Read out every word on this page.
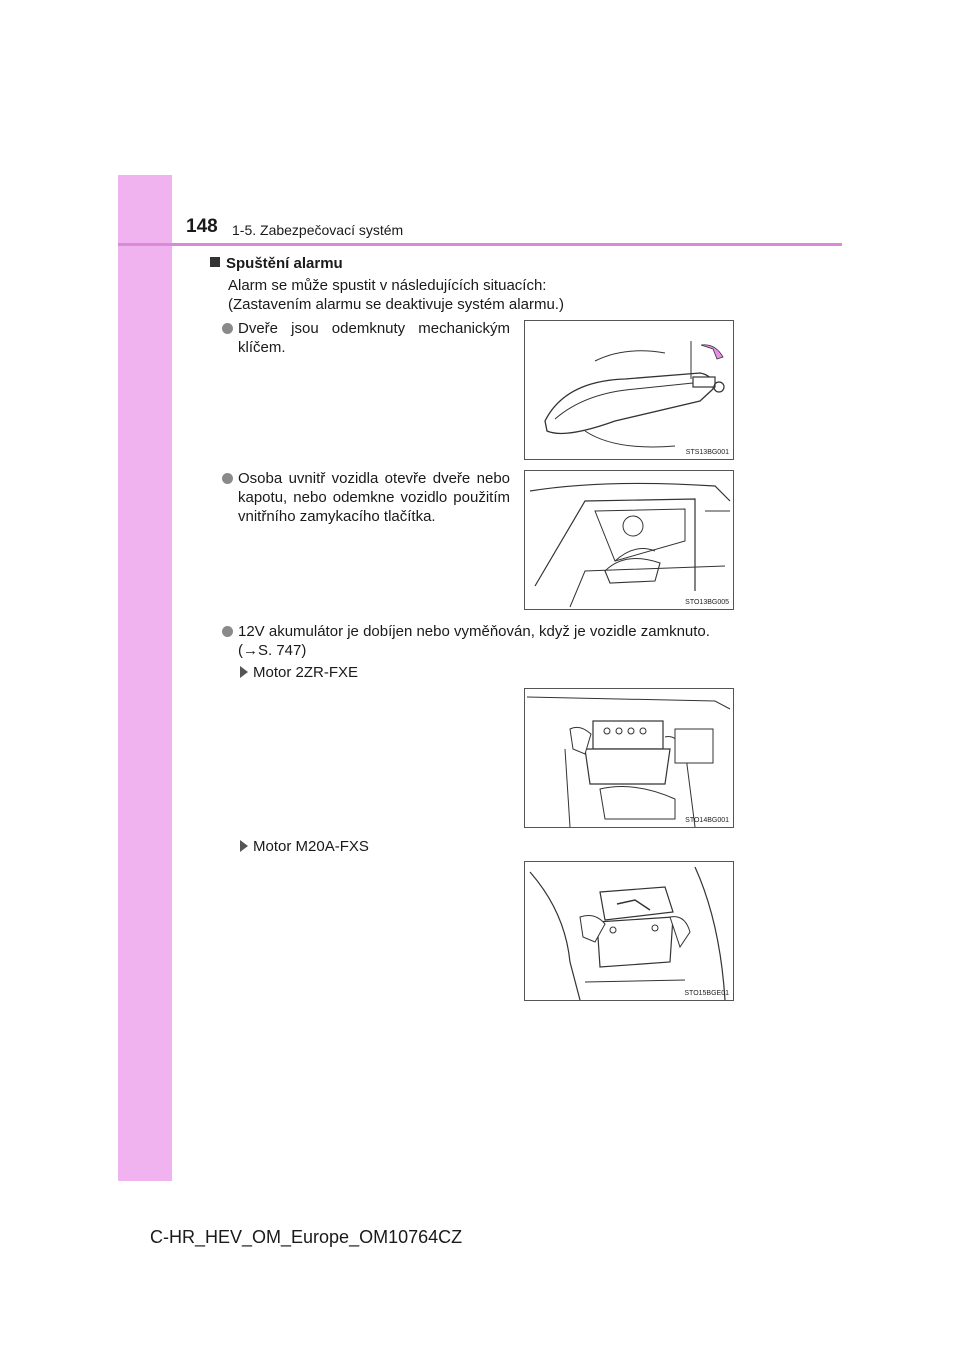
148 1-5. Zabezpečovací systém
Spuštění alarmu
Alarm se může spustit v následujících situacích:
(Zastavením alarmu se deaktivuje systém alarmu.)
Dveře jsou odemknuty mechanickým klíčem.
STS13BG001
Osoba uvnitř vozidla otevře dveře nebo kapotu, nebo odemkne vozidlo použitím vnitřního zamykacího tlačítka.
STO13BG005
12V akumulátor je dobíjen nebo vyměňován, když je vozidle zamknuto.
(→S. 747)
Motor 2ZR-FXE
STO14BG001
Motor M20A-FXS
STO15BGE01
C-HR_HEV_OM_Europe_OM10764CZ
